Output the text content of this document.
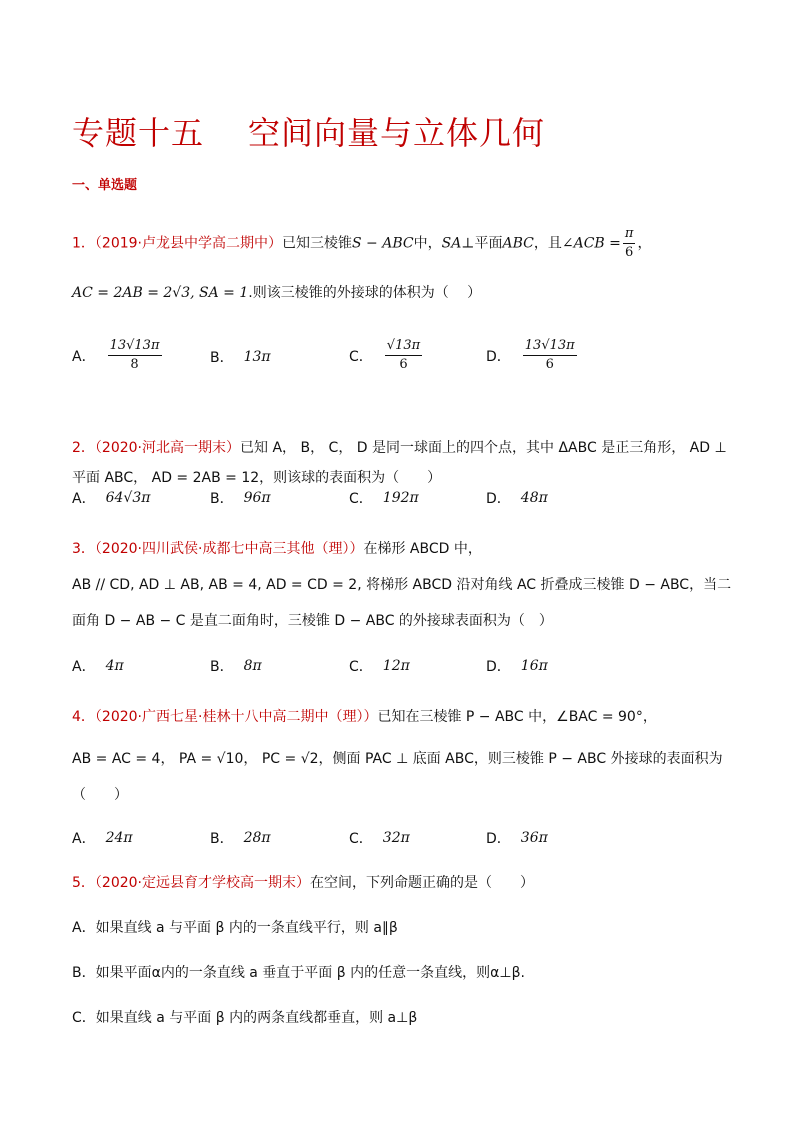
专题十五 空间向量与立体几何
一、单选题
1．（2019·卢龙县中学高二期中）已知三棱锥S − ABC中，SA⊥平面ABC，且∠ACB = $\frac{\pi}{6}$ ，
AC = 2AB = 2√3, SA = 1.则该三棱锥的外接球的体积为（　 ）
A． $\frac{13√13\pi}{8}$	B． 13π	C． $\frac{√13\pi}{6}$	D． $\frac{13√13\pi}{6}$
2．（2020·河北高一期末）已知 A， B， C， D 是同一球面上的四个点，其中 ΔABC 是正三角形， AD ⊥
平面 ABC， AD = 2AB = 12，则该球的表面积为（　　）
A． 64√3π	B． 96π	C． 192π	D． 48π
3．（2020·四川武侯·成都七中高三其他（理））在梯形 ABCD 中，
AB // CD, AD ⊥ AB, AB = 4, AD = CD = 2, 将梯形 ABCD 沿对角线 AC 折叠成三棱锥 D − ABC，当二
面角 D − AB − C 是直二面角时，三棱锥 D − ABC 的外接球表面积为（　）
A． 4π	B． 8π	C． 12π	D． 16π
4．（2020·广西七星·桂林十八中高二期中（理））已知在三棱锥 P − ABC 中，∠BAC = 90°，
AB = AC = 4， PA = √10， PC = √2，侧面 PAC ⊥ 底面 ABC，则三棱锥 P − ABC 外接球的表面积为
（　　）
A． 24π	B． 28π	C． 32π	D． 36π
5．（2020·定远县育才学校高一期末）在空间，下列命题正确的是（　　）
A．如果直线 a 与平面 β 内的一条直线平行，则 a∥β
B．如果平面α内的一条直线 a 垂直于平面 β 内的任意一条直线，则α⊥β.
C．如果直线 a 与平面 β 内的两条直线都垂直，则 a⊥β
